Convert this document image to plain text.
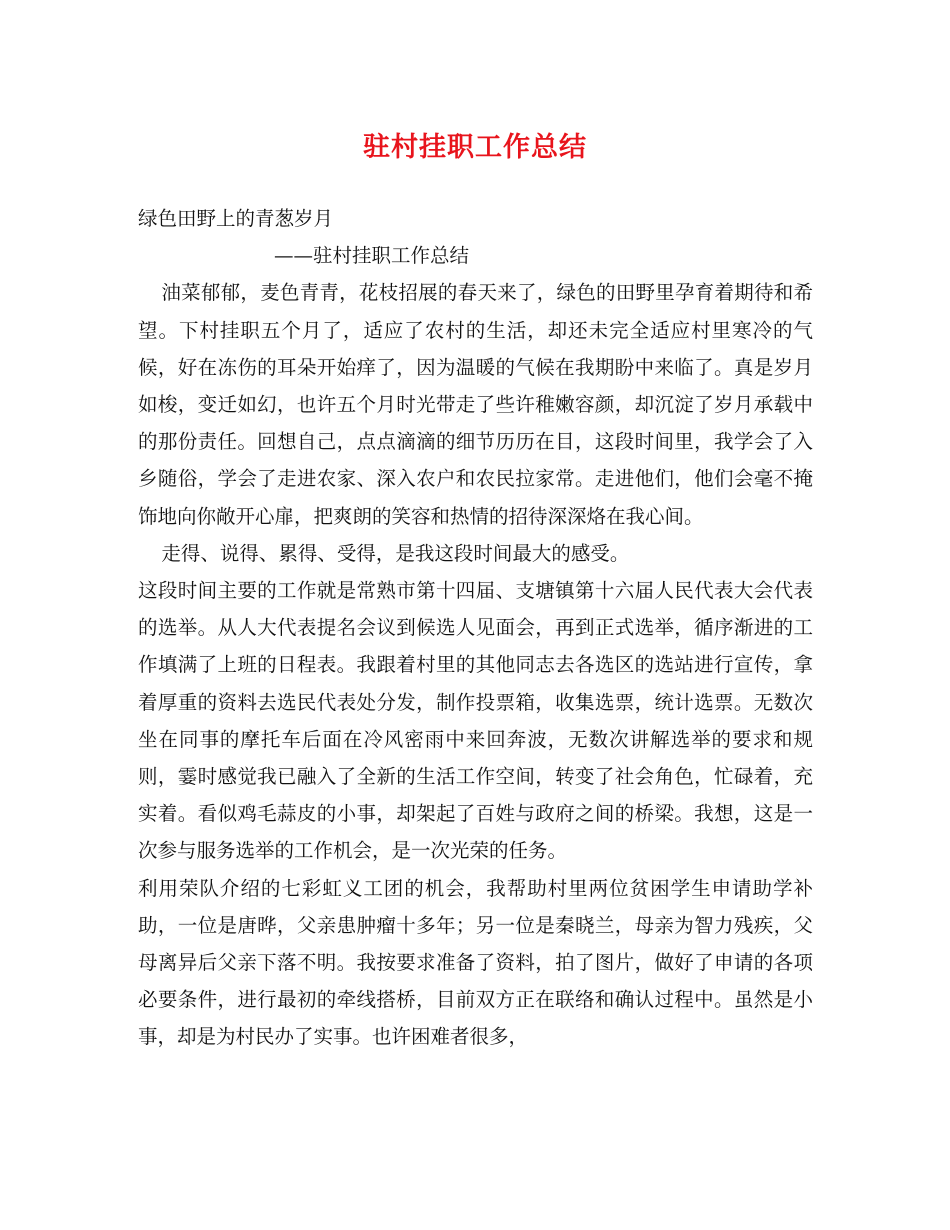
驻村挂职工作总结

绿色田野上的青葱岁月

——驻村挂职工作总结

油菜郁郁，麦色青青，花枝招展的春天来了，绿色的田野里孕育着期待和希望。下村挂职五个月了，适应了农村的生活，却还未完全适应村里寒冷的气候，好在冻伤的耳朵开始痒了，因为温暖的气候在我期盼中来临了。真是岁月如梭，变迁如幻，也许五个月时光带走了些许稚嫩容颜，却沉淀了岁月承载中的那份责任。回想自己，点点滴滴的细节历历在目，这段时间里，我学会了入乡随俗，学会了走进农家、深入农户和农民拉家常。走进他们，他们会毫不掩饰地向你敞开心扉，把爽朗的笑容和热情的招待深深烙在我心间。

走得、说得、累得、受得，是我这段时间最大的感受。

这段时间主要的工作就是常熟市第十四届、支塘镇第十六届人民代表大会代表的选举。从人大代表提名会议到候选人见面会，再到正式选举，循序渐进的工作填满了上班的日程表。我跟着村里的其他同志去各选区的选站进行宣传，拿着厚重的资料去选民代表处分发，制作投票箱，收集选票，统计选票。无数次坐在同事的摩托车后面在冷风密雨中来回奔波，无数次讲解选举的要求和规则，霎时感觉我已融入了全新的生活工作空间，转变了社会角色，忙碌着，充实着。看似鸡毛蒜皮的小事，却架起了百姓与政府之间的桥梁。我想，这是一次参与服务选举的工作机会，是一次光荣的任务。

利用荣队介绍的七彩虹义工团的机会，我帮助村里两位贫困学生申请助学补助，一位是唐晔，父亲患肿瘤十多年；另一位是秦晓兰，母亲为智力残疾，父母离异后父亲下落不明。我按要求准备了资料，拍了图片，做好了申请的各项必要条件，进行最初的牵线搭桥，目前双方正在联络和确认过程中。虽然是小事，却是为村民办了实事。也许困难者很多，
